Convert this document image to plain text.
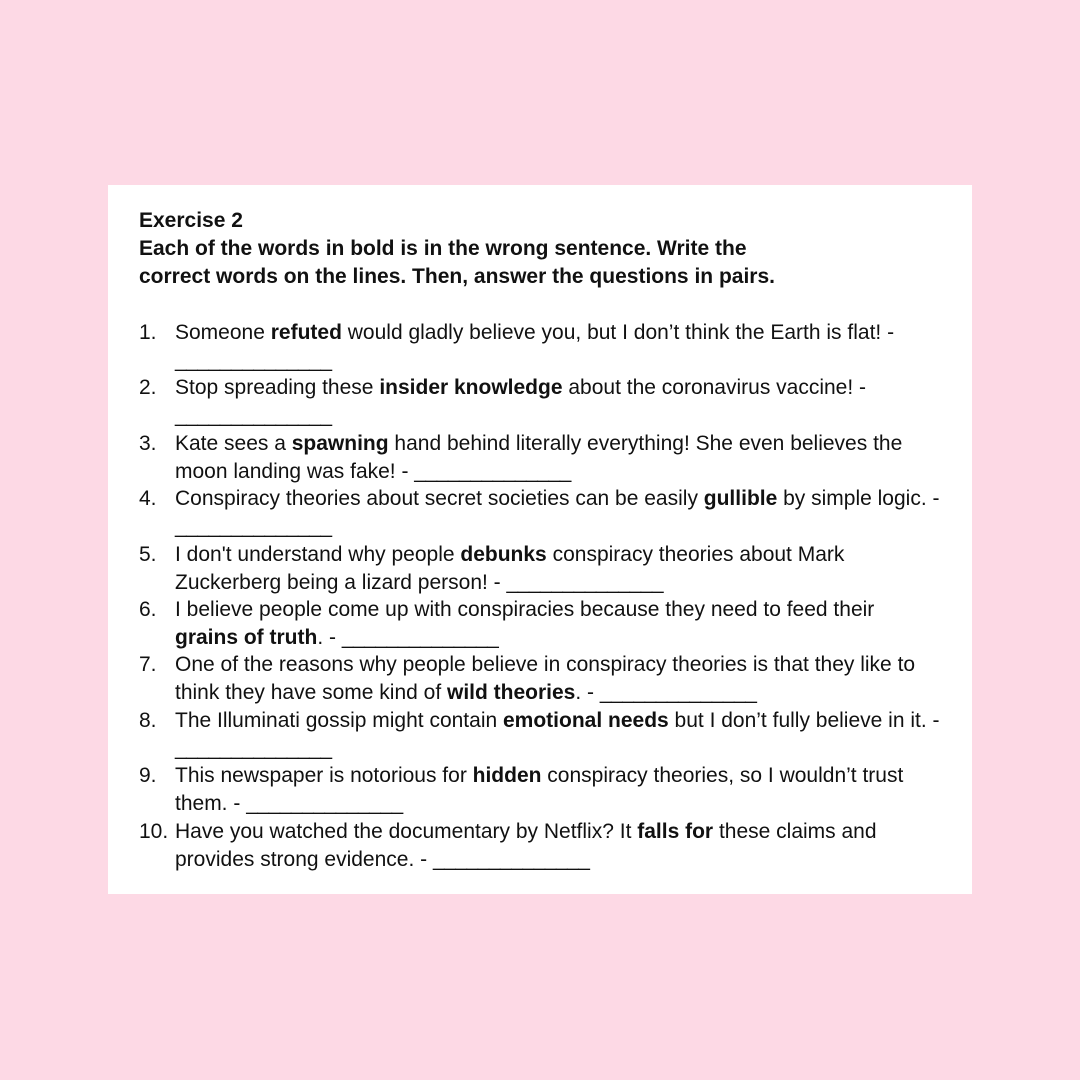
Exercise 2
Each of the words in bold is in the wrong sentence. Write the
correct words on the lines. Then, answer the questions in pairs.
1. Someone refuted would gladly believe you, but I don’t think the Earth is flat! - ______________
2. Stop spreading these insider knowledge about the coronavirus vaccine! - ______________
3. Kate sees a spawning hand behind literally everything! She even believes the moon landing was fake! - ______________
4. Conspiracy theories about secret societies can be easily gullible by simple logic. - ______________
5. I don't understand why people debunks conspiracy theories about Mark Zuckerberg being a lizard person! - ______________
6. I believe people come up with conspiracies because they need to feed their grains of truth. - ______________
7. One of the reasons why people believe in conspiracy theories is that they like to think they have some kind of wild theories. - ______________
8. The Illuminati gossip might contain emotional needs but I don’t fully believe in it. - ______________
9. This newspaper is notorious for hidden conspiracy theories, so I wouldn’t trust them. - ______________
10. Have you watched the documentary by Netflix? It falls for these claims and provides strong evidence. - ______________
